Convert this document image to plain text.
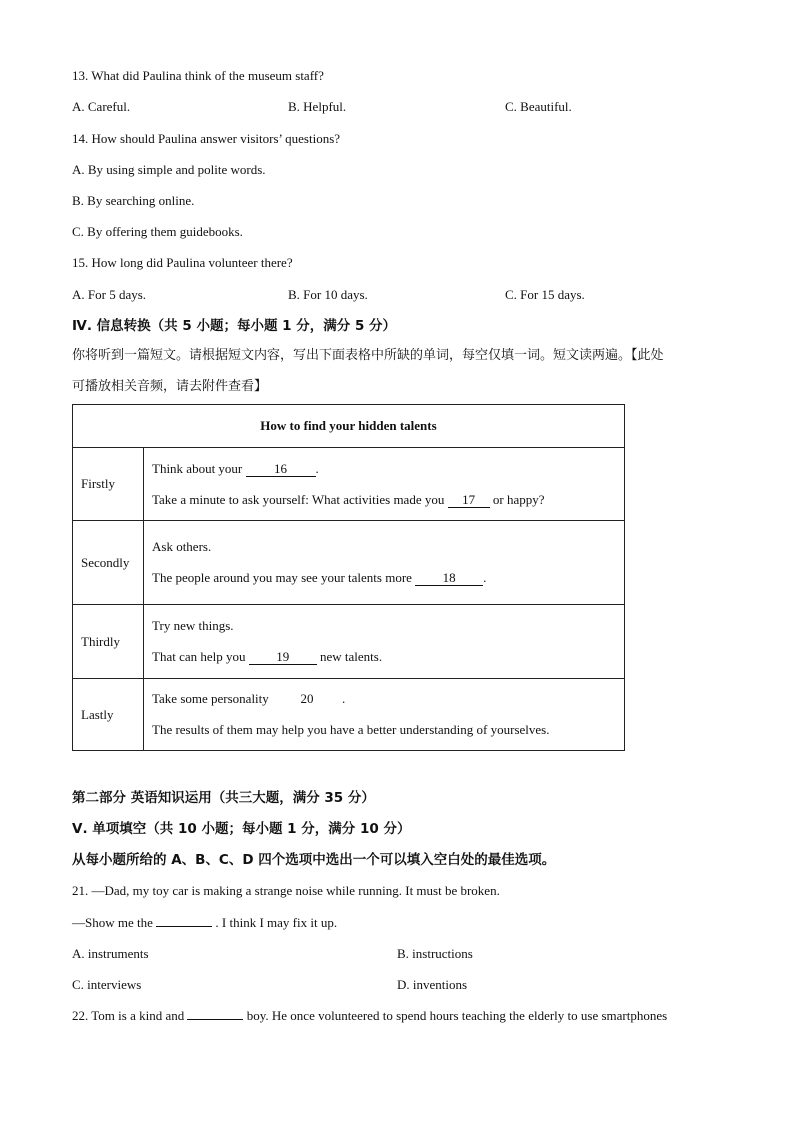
13. What did Paulina think of the museum staff?
A. Careful.	B. Helpful.	C. Beautiful.
14. How should Paulina answer visitors’ questions?
A. By using simple and polite words.
B. By searching online.
C. By offering them guidebooks.
15. How long did Paulina volunteer there?
A. For 5 days.	B. For 10 days.	C. For 15 days.
Ⅳ. 信息转换（共 5 小题；每小题 1 分，满分 5 分）
你将听到一篇短文。请根据短文内容，写出下面表格中所缺的单词，每空仅填一词。短文读两遍。【此处
可播放相关音频，请去附件查看】
How to find your hidden talents	
Firstly	Think about your 16 .

Take a minute to ask yourself: What activities made you 17 or happy?

Secondly	Ask others.

The people around you may see your talents more 18 .

Thirdly	Try new things.

That can help you 19 new talents.

Lastly	Take some personality 20 .

The results of them may help you have a better understanding of yourselves.

第二部分 英语知识运用（共三大题，满分 35 分）
Ⅴ. 单项填空（共 10 小题；每小题 1 分，满分 10 分）
从每小题所给的 A、B、C、D 四个选项中选出一个可以填入空白处的最佳选项。
21. —Dad, my toy car is making a strange noise while running. It must be broken.
—Show me the	. I think I may fix it up.
A. instruments	B. instructions
C. interviews	D. inventions
22. Tom is a kind and	boy. He once volunteered to spend hours teaching the elderly to use smartphones
